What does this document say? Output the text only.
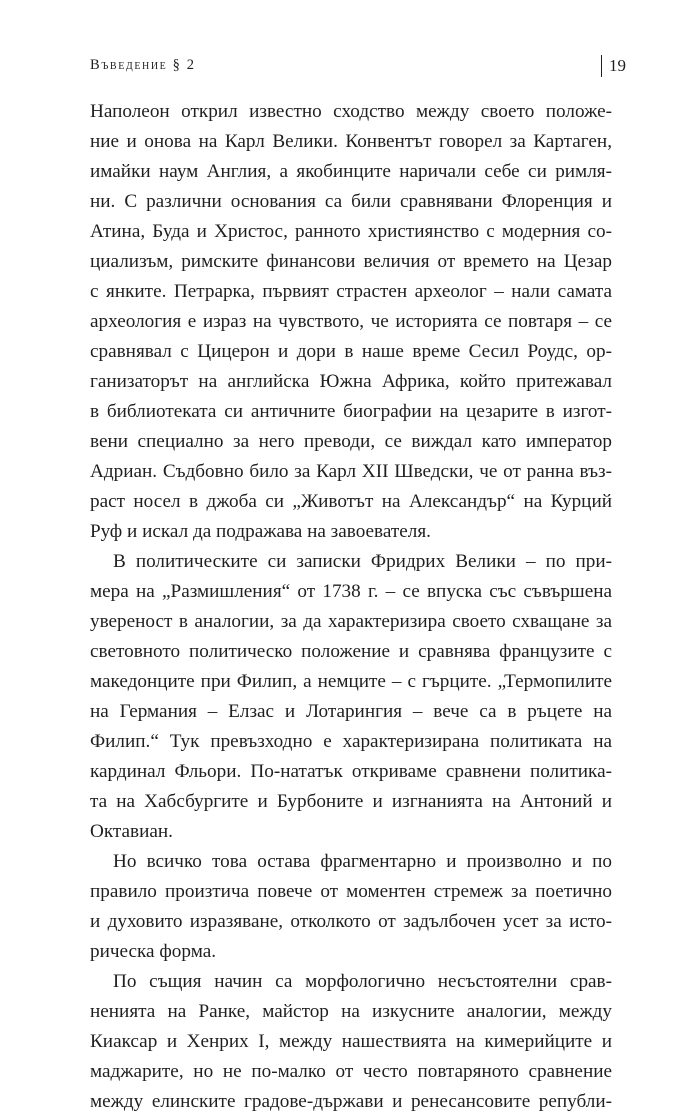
Въведение § 2	19

Наполеон открил известно сходство между своето положе-
ние и онова на Карл Велики. Конвентът говорел за Картаген,
имайки наум Англия, а якобинците наричали себе си римля-
ни. С различни основания са били сравнявани Флоренция и
Атина, Буда и Христос, ранното християнство с модерния со-
циализъм, римските финансови величия от времето на Цезар
с янките. Петрарка, първият страстен археолог – нали самата
археология е израз на чувството, че историята се повтаря – се
сравнявал с Цицерон и дори в наше време Сесил Роудс, ор-
ганизаторът на английска Южна Африка, който притежавал
в библиотеката си античните биографии на цезарите в изгот-
вени специално за него преводи, се виждал като император
Адриан. Съдбовно било за Карл XII Шведски, че от ранна въз-
раст носел в джоба си „Животът на Александър“ на Курций
Руф и искал да подражава на завоевателя.

В политическите си записки Фридрих Велики – по при-
мера на „Размишления“ от 1738 г. – се впуска със съвършена
увереност в аналогии, за да характеризира своето схващане за
световното политическо положение и сравнява французите с
македонците при Филип, а немците – с гърците. „Термопилите
на Германия – Елзас и Лотарингия – вече са в ръцете на
Филип.“ Тук превъзходно е характеризирана политиката на
кардинал Фльори. По-нататък откриваме сравнени политика-
та на Хабсбургите и Бурбоните и изгнанията на Антоний и
Октавиан.

Но всичко това остава фрагментарно и произволно и по
правило произтича повече от моментен стремеж за поетично
и духовито изразяване, отколкото от задълбочен усет за исто-
рическа форма.

По същия начин са морфологично несъстоятелни срав-
ненията на Ранке, майстор на изкусните аналогии, между
Киаксар и Хенрих I, между нашествията на кимерийците и
маджарите, но не по-малко от често повтаряното сравнение
между елинските градове-държави и ренесансовите републи-
